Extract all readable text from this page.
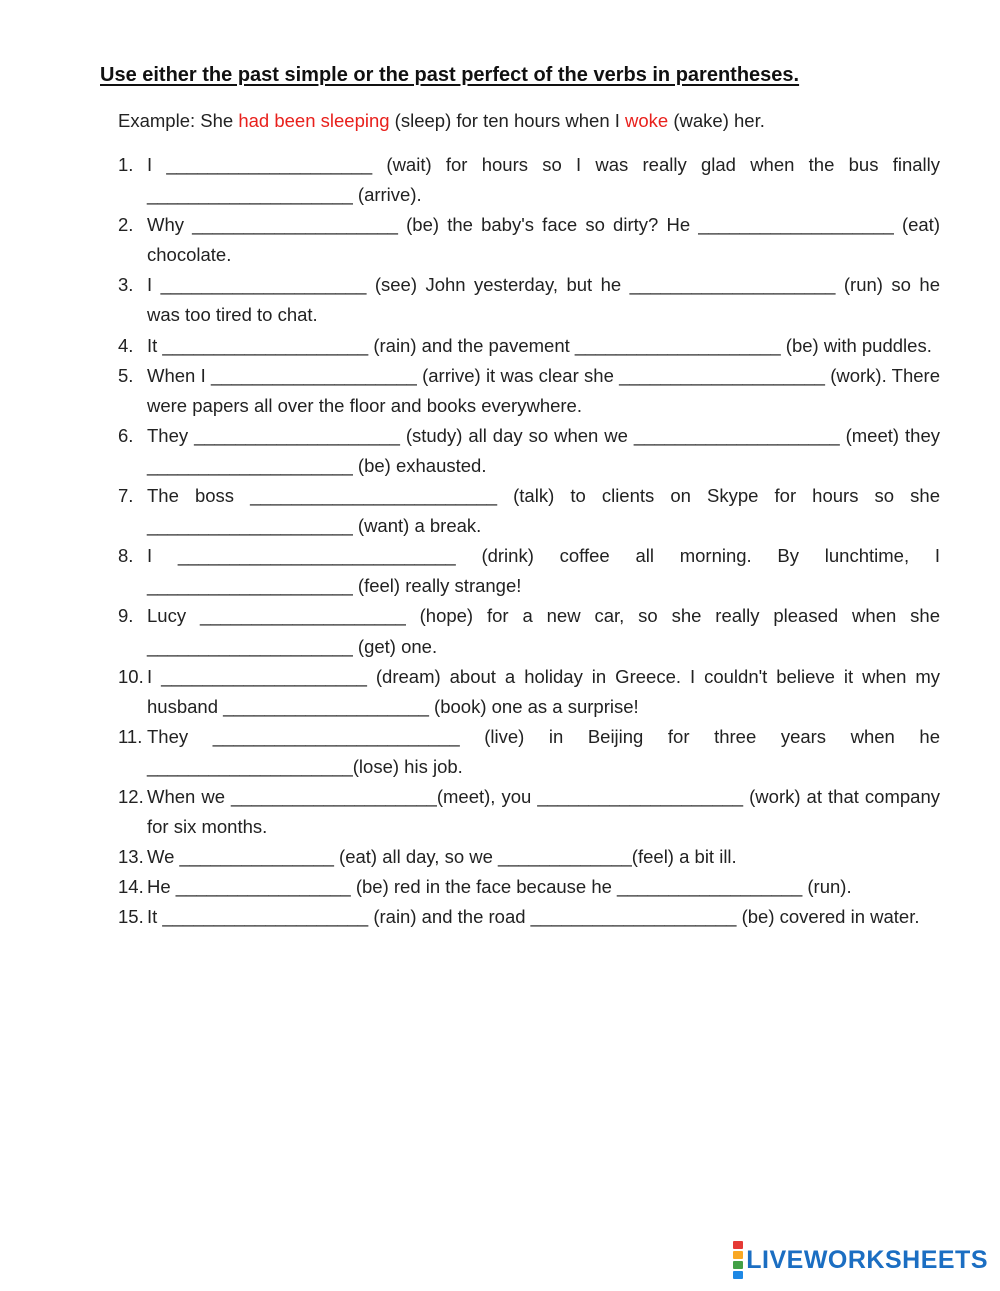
Use either the past simple or the past perfect of the verbs in parentheses.
Example: She had been sleeping (sleep) for ten hours when I woke (wake) her.
1. I ____________________ (wait) for hours so I was really glad when the bus finally ____________________ (arrive).
2. Why ____________________ (be) the baby's face so dirty? He ___________________ (eat) chocolate.
3. I ____________________ (see) John yesterday, but he ____________________ (run) so he was too tired to chat.
4. It ____________________ (rain) and the pavement ____________________ (be) with puddles.
5. When I ____________________ (arrive) it was clear she ____________________ (work). There were papers all over the floor and books everywhere.
6. They ____________________ (study) all day so when we ____________________ (meet) they ____________________ (be) exhausted.
7. The boss ________________________ (talk) to clients on Skype for hours so she ____________________ (want) a break.
8. I ___________________________ (drink) coffee all morning. By lunchtime, I ____________________ (feel) really strange!
9. Lucy ____________________ (hope) for a new car, so she really pleased when she ____________________ (get) one.
10. I ____________________ (dream) about a holiday in Greece. I couldn't believe it when my husband ____________________ (book) one as a surprise!
11. They ________________________ (live) in Beijing for three years when he ____________________(lose) his job.
12. When we ____________________(meet), you ____________________ (work) at that company for six months.
13. We _______________ (eat) all day, so we _____________(feel) a bit ill.
14. He _________________ (be) red in the face because he __________________ (run).
15. It ____________________ (rain) and the road ____________________ (be) covered in water.
LIVEWORKSHEETS
